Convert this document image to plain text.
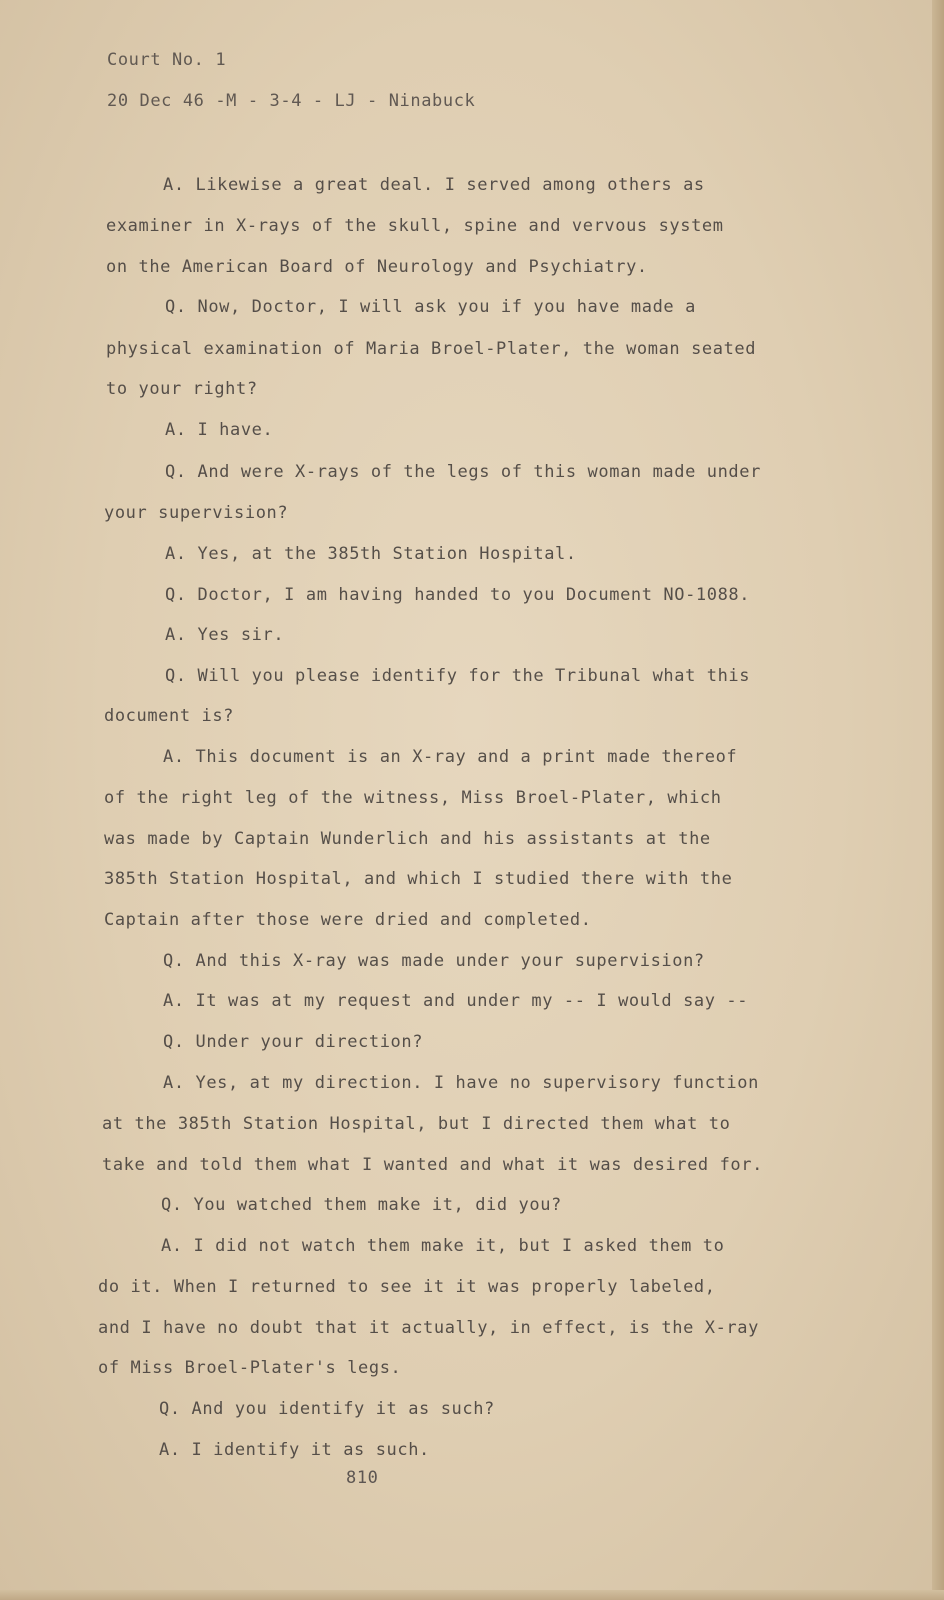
Court No. 1
20 Dec 46 -M - 3-4 - LJ - Ninabuck
A. Likewise a great deal. I served among others as
examiner in X-rays of the skull, spine and vervous system
on the American Board of Neurology and Psychiatry.
Q. Now, Doctor, I will ask you if you have made a
physical examination of Maria Broel-Plater, the woman seated
to your right?
A. I have.
Q. And were X-rays of the legs of this woman made under
your supervision?
A. Yes, at the 385th Station Hospital.
Q. Doctor, I am having handed to you Document NO-1088.
A. Yes sir.
Q. Will you please identify for the Tribunal what this
document is?
A. This document is an X-ray and a print made thereof
of the right leg of the witness, Miss Broel-Plater, which
was made by Captain Wunderlich and his assistants at the
385th Station Hospital, and which I studied there with the
Captain after those were dried and completed.
Q. And this X-ray was made under your supervision?
A. It was at my request and under my -- I would say --
Q. Under your direction?
A. Yes, at my direction. I have no supervisory function
at the 385th Station Hospital, but I directed them what to
take and told them what I wanted and what it was desired for.
Q. You watched them make it, did you?
A. I did not watch them make it, but I asked them to
do it. When I returned to see it it was properly labeled,
and I have no doubt that it actually, in effect, is the X-ray
of Miss Broel-Plater's legs.
Q. And you identify it as such?
A. I identify it as such.
810
